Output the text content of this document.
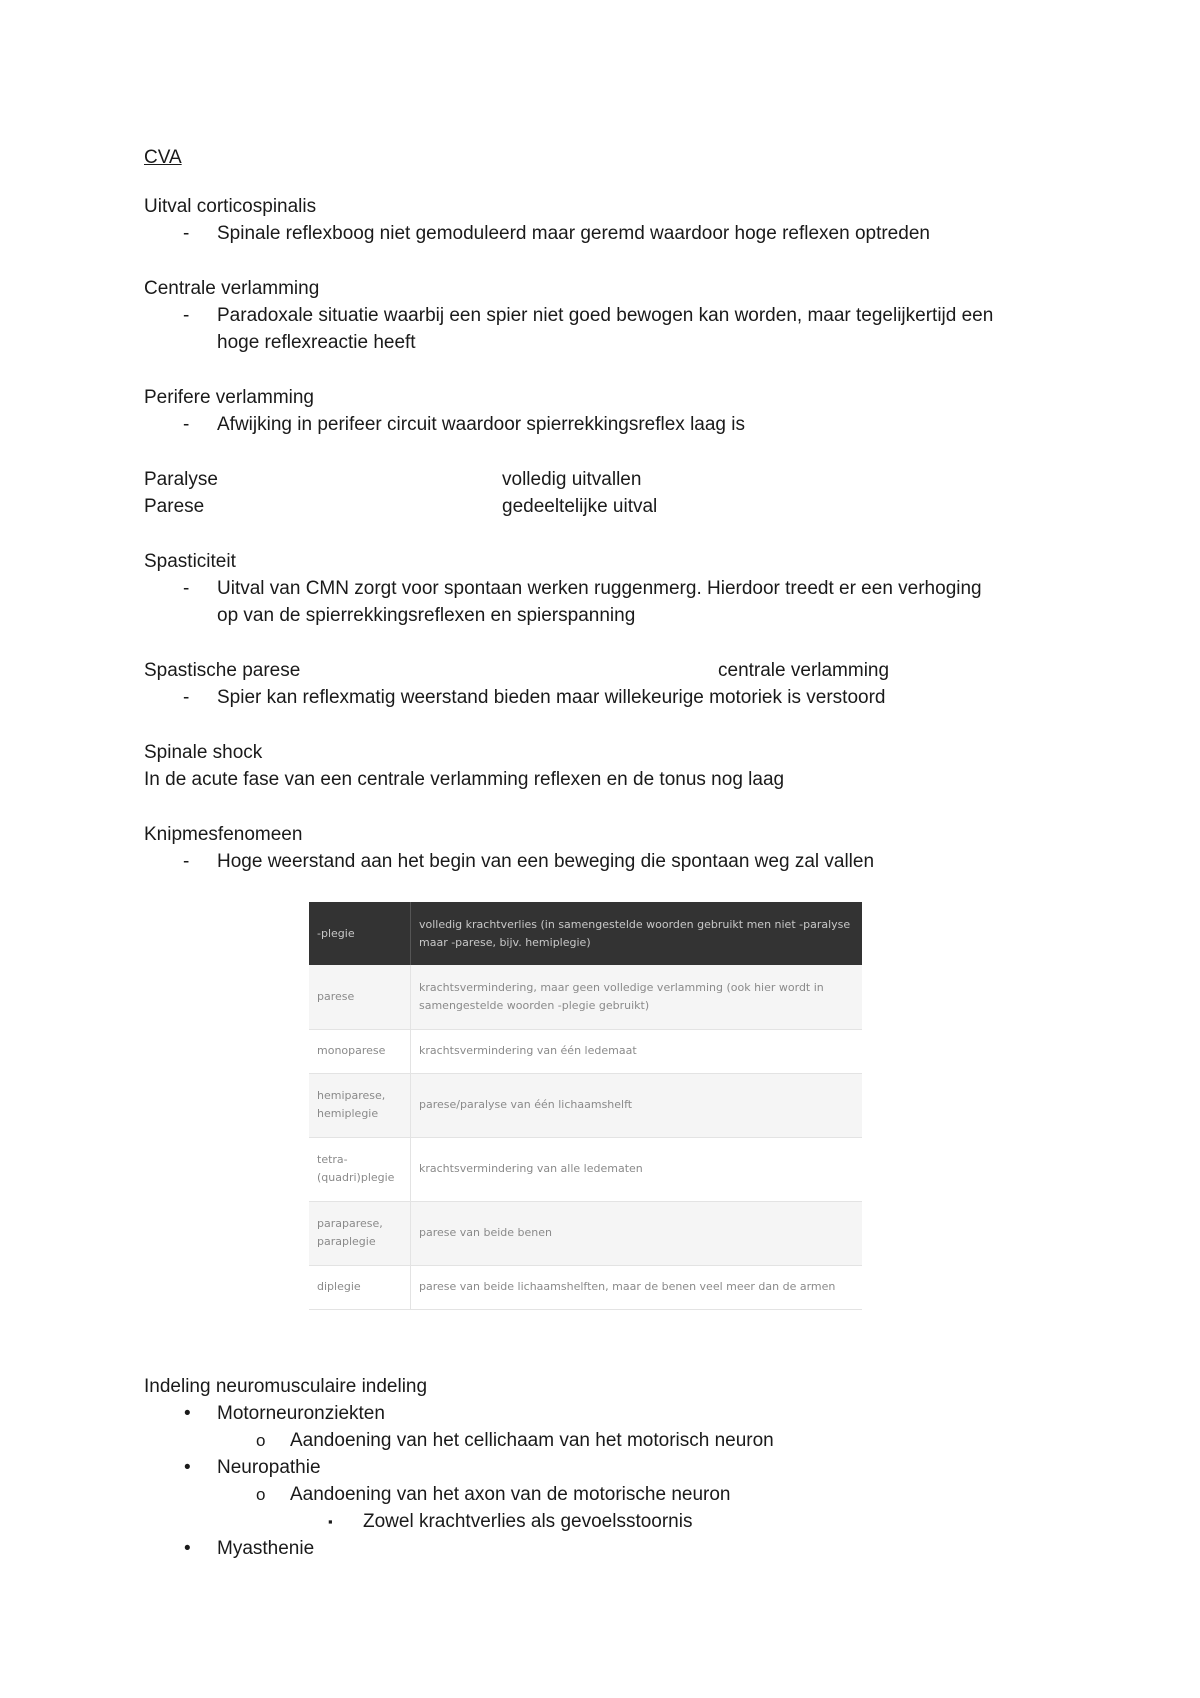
CVA
Uitval corticospinalis
- Spinale reflexboog niet gemoduleerd maar geremd waardoor hoge reflexen optreden
Centrale verlamming
- Paradoxale situatie waarbij een spier niet goed bewogen kan worden, maar tegelijkertijd een
hoge reflexreactie heeft
Perifere verlamming
- Afwijking in perifeer circuit waardoor spierrekkingsreflex laag is
Paralyse	volledig uitvallen
Parese	gedeeltelijke uitval
Spasticiteit
- Uitval van CMN zorgt voor spontaan werken ruggenmerg. Hierdoor treedt er een verhoging
op van de spierrekkingsreflexen en spierspanning
Spastische parese	centrale verlamming
- Spier kan reflexmatig weerstand bieden maar willekeurige motoriek is verstoord
Spinale shock
In de acute fase van een centrale verlamming reflexen en de tonus nog laag
Knipmesfenomeen
- Hoge weerstand aan het begin van een beweging die spontaan weg zal vallen
-plegie	volledig krachtverlies (in samengestelde woorden gebruikt men niet -paralyse maar -parese, bijv. hemiplegie)
parese	krachtsvermindering, maar geen volledige verlamming (ook hier wordt in samengestelde woorden -plegie gebruikt)
monoparese	krachtsvermindering van één ledemaat
hemiparese, hemiplegie	parese/paralyse van één lichaamshelft
tetra-(quadri)plegie	krachtsvermindering van alle ledematen
paraparese, paraplegie	parese van beide benen
diplegie	parese van beide lichaamshelften, maar de benen veel meer dan de armen
Indeling neuromusculaire indeling
• Motorneuronziekten
o Aandoening van het cellichaam van het motorisch neuron
• Neuropathie
o Aandoening van het axon van de motorische neuron
▪ Zowel krachtverlies als gevoelsstoornis
• Myasthenie
